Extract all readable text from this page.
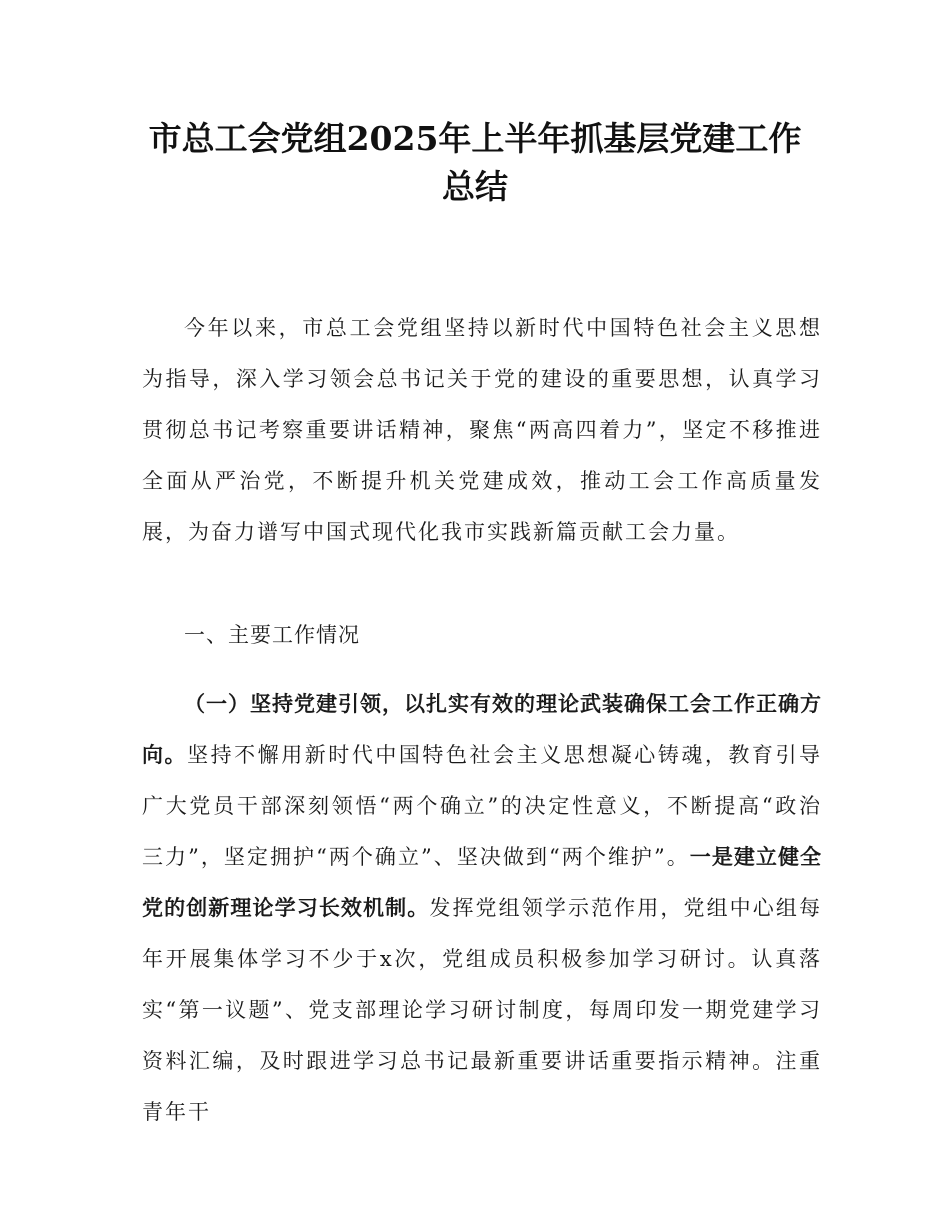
市总工会党组2025年上半年抓基层党建工作
总结

今年以来，市总工会党组坚持以新时代中国特色社会主义思想为指导，深入学习领会总书记关于党的建设的重要思想，认真学习贯彻总书记考察重要讲话精神，聚焦“两高四着力”，坚定不移推进全面从严治党，不断提升机关党建成效，推动工会工作高质量发展，为奋力谱写中国式现代化我市实践新篇贡献工会力量。

一、主要工作情况

（一）坚持党建引领，以扎实有效的理论武装确保工会工作正确方向。坚持不懈用新时代中国特色社会主义思想凝心铸魂，教育引导广大党员干部深刻领悟“两个确立”的决定性意义，不断提高“政治三力”，坚定拥护“两个确立”、坚决做到“两个维护”。一是建立健全党的创新理论学习长效机制。发挥党组领学示范作用，党组中心组每年开展集体学习不少于x次，党组成员积极参加学习研讨。认真落实“第一议题”、党支部理论学习研讨制度，每周印发一期党建学习资料汇编，及时跟进学习总书记最新重要讲话重要指示精神。注重青年干
